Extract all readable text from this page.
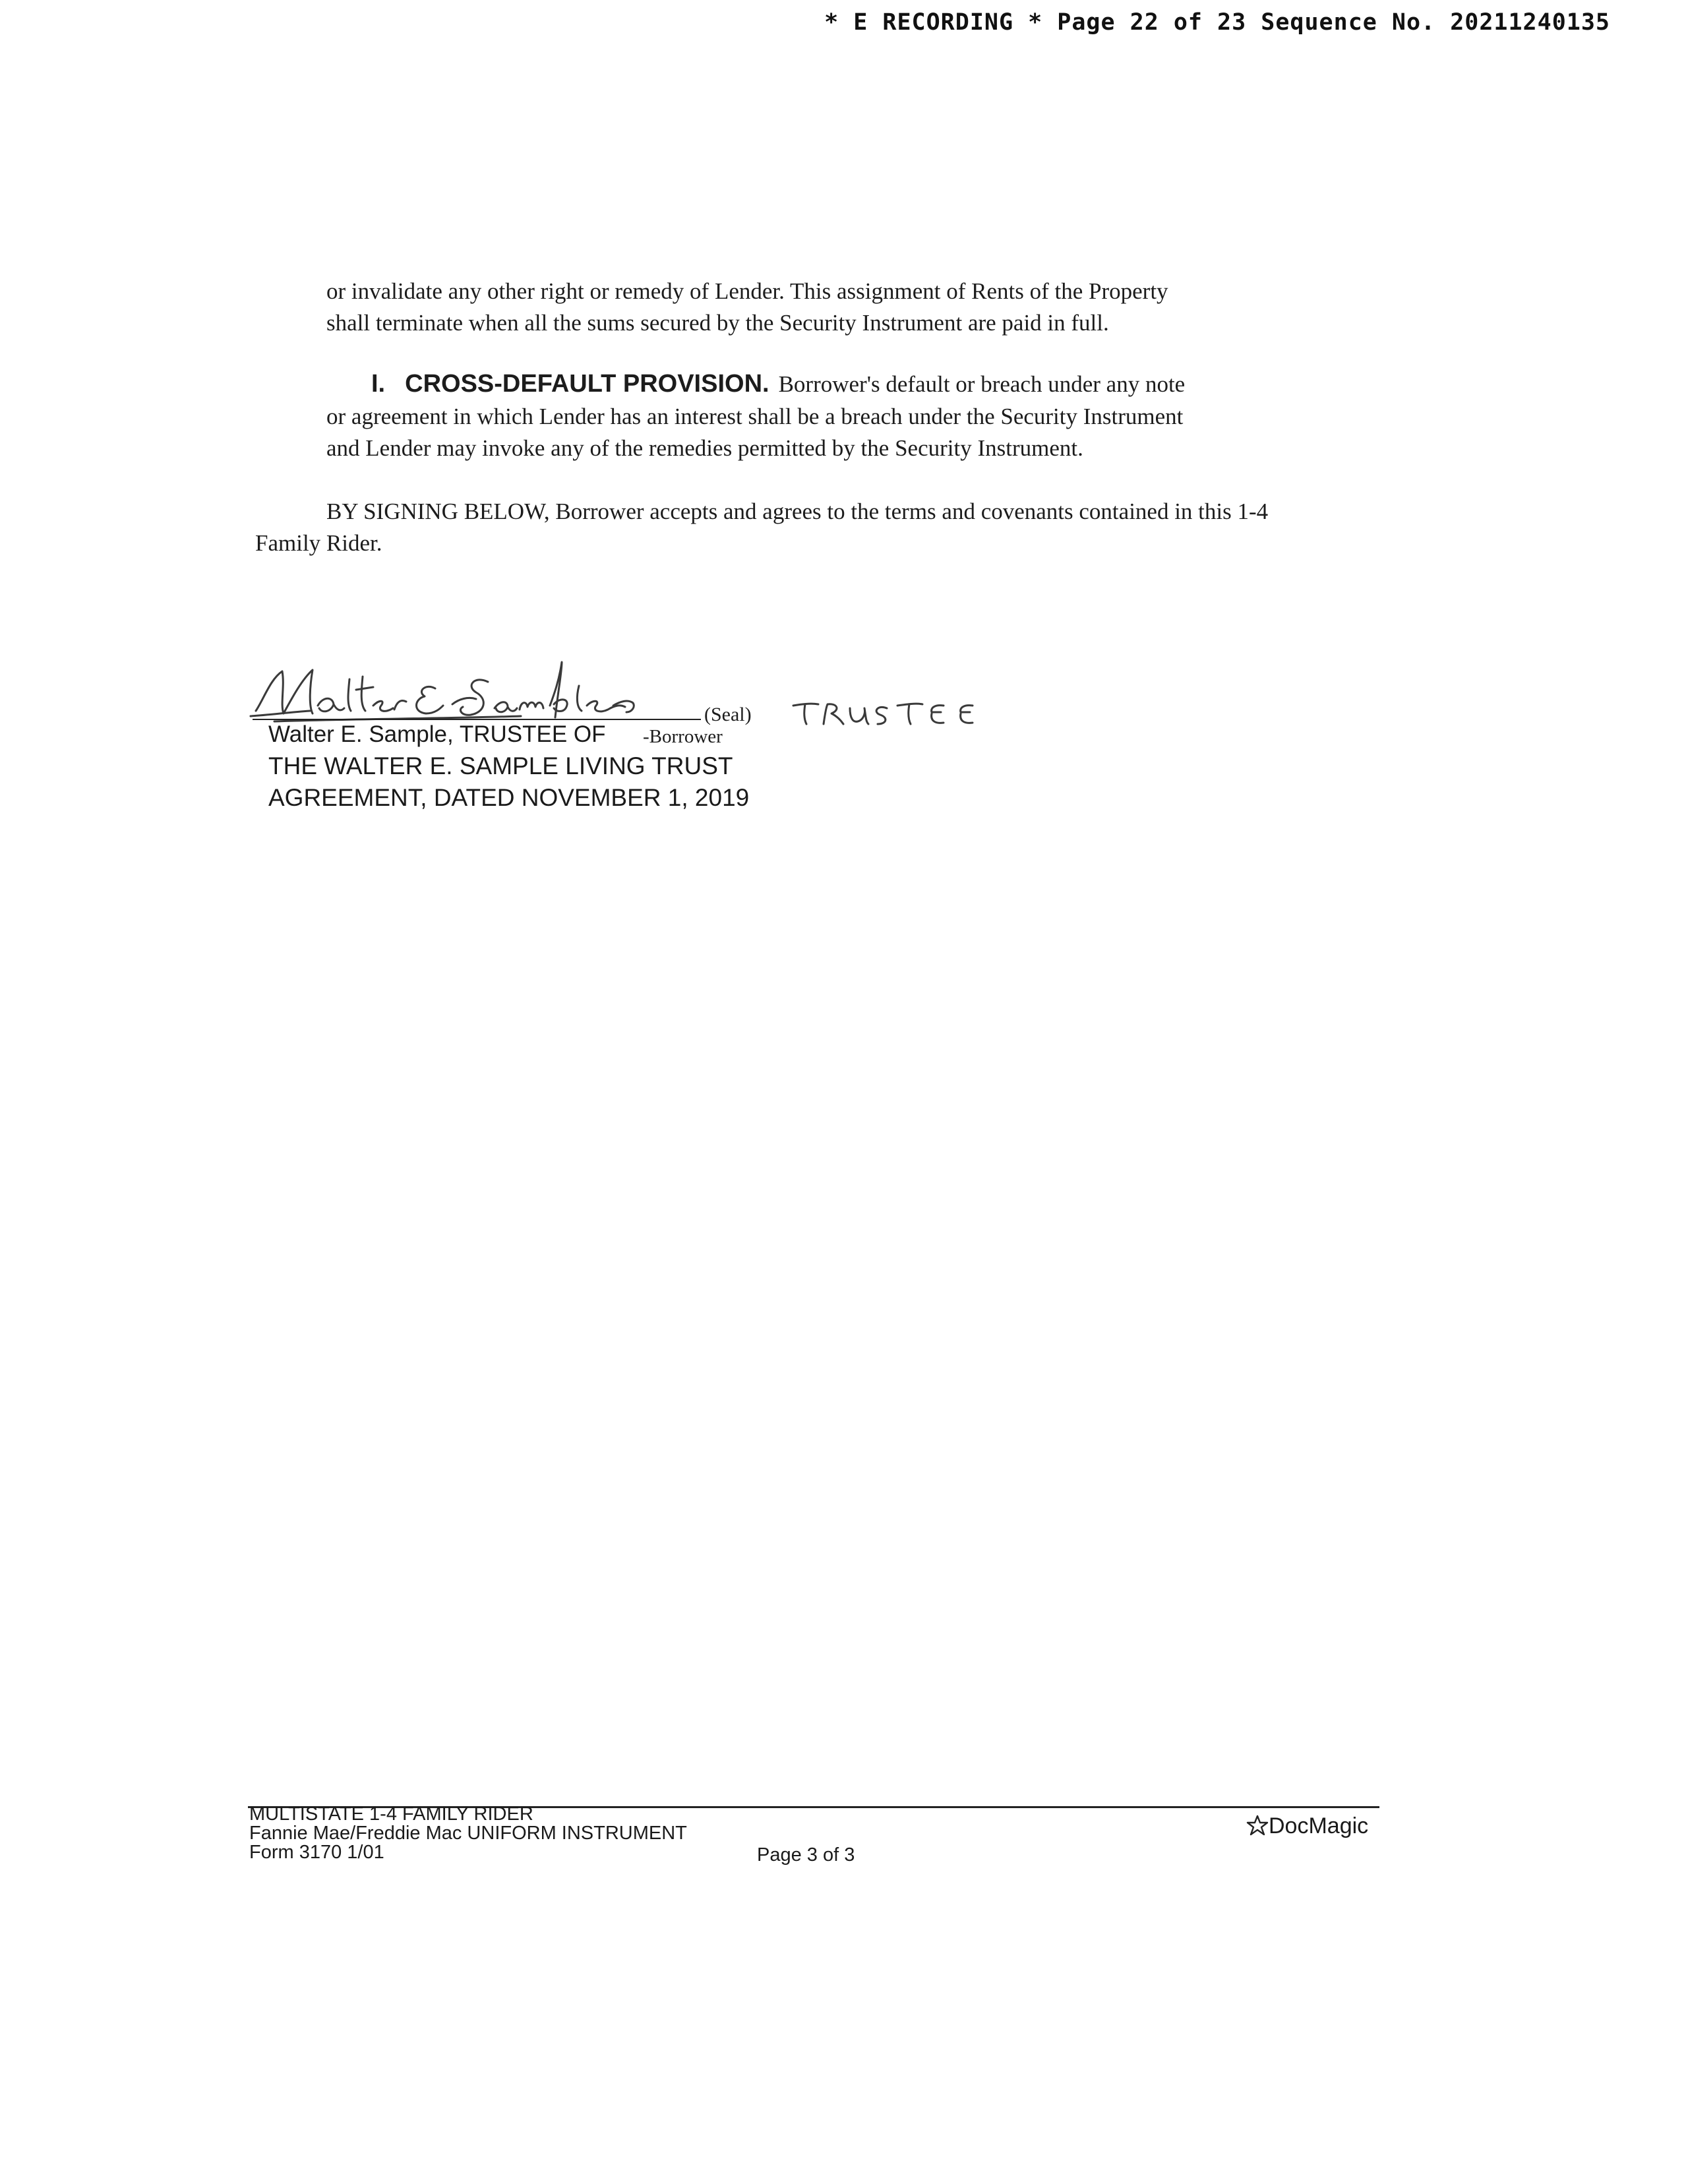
* E RECORDING * Page 22 of 23 Sequence No. 20211240135
or invalidate any other right or remedy of Lender. This assignment of Rents of the Property
shall terminate when all the sums secured by the Security Instrument are paid in full.
I. CROSS-DEFAULT PROVISION. Borrower's default or breach under any note
or agreement in which Lender has an interest shall be a breach under the Security Instrument
and Lender may invoke any of the remedies permitted by the Security Instrument.
BY SIGNING BELOW, Borrower accepts and agrees to the terms and covenants contained in this 1-4
Family Rider.
(Seal)
Walter E. Sample, TRUSTEE OF -Borrower
THE WALTER E. SAMPLE LIVING TRUST
AGREEMENT, DATED NOVEMBER 1, 2019
MULTISTATE 1-4 FAMILY RIDER
Fannie Mae/Freddie Mac UNIFORM INSTRUMENT
Form 3170 1/01	Page 3 of 3
DocMagic
